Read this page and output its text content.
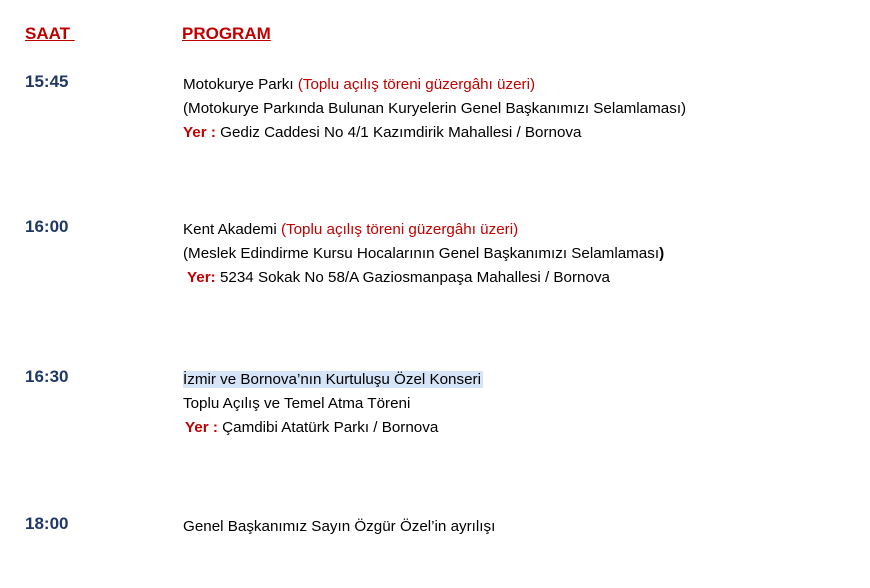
SAAT	PROGRAM
15:45	Motokurye Parkı (Toplu açılış töreni güzergâhı üzeri)
(Motokurye Parkında Bulunan Kuryelerin Genel Başkanımızı Selamlaması)
Yer : Gediz Caddesi No 4/1 Kazımdirik Mahallesi / Bornova
16:00	Kent Akademi (Toplu açılış töreni güzergâhı üzeri)
(Meslek Edindirme Kursu Hocalarının Genel Başkanımızı Selamlaması)
Yer: 5234 Sokak No 58/A Gaziosmanpaşa Mahallesi / Bornova
16:30	İzmir ve Bornova’nın Kurtuluşu Özel Konseri
Toplu Açılış ve Temel Atma Töreni
Yer : Çamdibi Atatürk Parkı / Bornova
18:00	Genel Başkanımız Sayın Özgür Özel’in ayrılışı
